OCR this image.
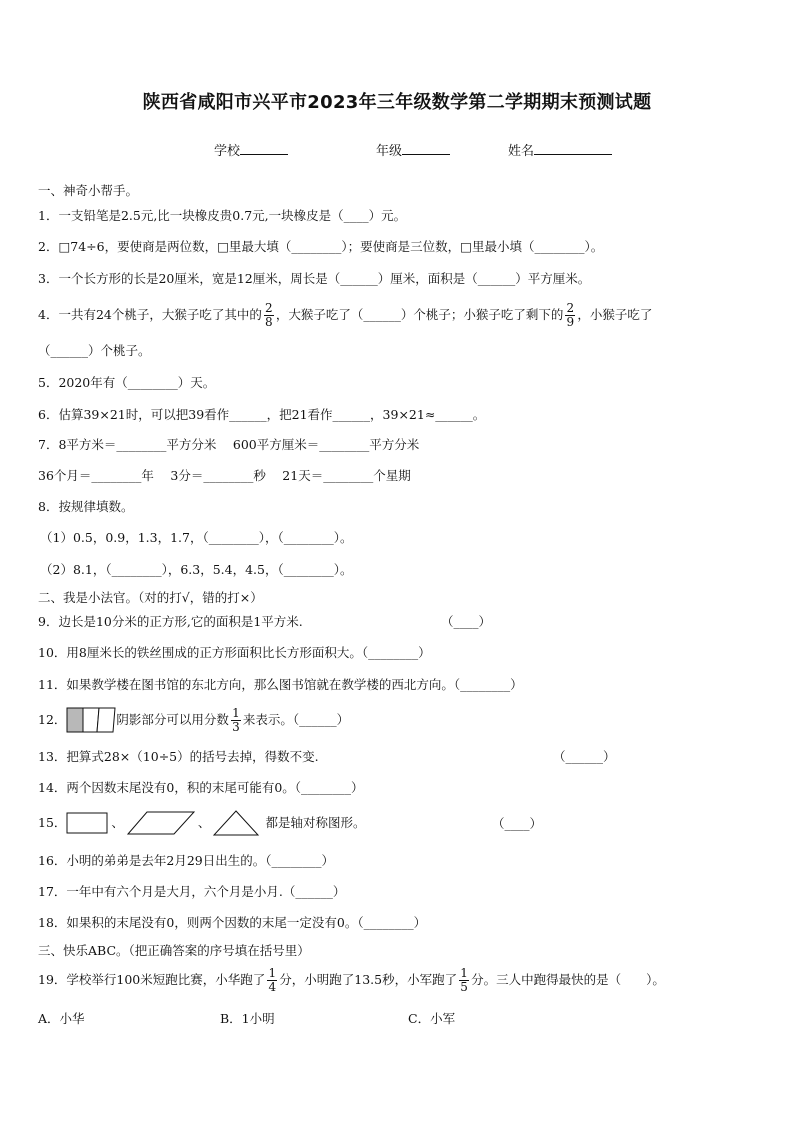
陕西省咸阳市兴平市2023年三年级数学第二学期期末预测试题
学校	年级	姓名
一、神奇小帮手。
1．一支铅笔是2.5元,比一块橡皮贵0.7元,一块橡皮是（____）元。
2．□74÷6，要使商是两位数，□里最大填（________）；要使商是三位数，□里最小填（________）。
3．一个长方形的长是20厘米，宽是12厘米，周长是（______）厘米，面积是（______）平方厘米。
4．一共有24个桃子，大猴子吃了其中的 $\frac{2}{8}$ ，大猴子吃了（______）个桃子；小猴子吃了剩下的 $\frac{2}{9}$ ，小猴子吃了
（______）个桃子。
5．2020年有（________）天。
6．估算39×21时，可以把39看作______，把21看作______，39×21≈______。
7．8平方米＝________平方分米　 600平方厘米＝________平方分米
36个月＝________年　 3分＝________秒　 21天＝________个星期
8．按规律填数。
（1）0.5，0.9，1.3，1.7，（________），（________）。
（2）8.1，（________），6.3，5.4，4.5，（________）。
二、我是小法官。（对的打√，错的打×）
9．边长是10分米的正方形,它的面积是1平方米.	（____）
10．用8厘米长的铁丝围成的正方形面积比长方形面积大。（________）
11．如果教学楼在图书馆的东北方向，那么图书馆就在教学楼的西北方向。（________）
12．	阴影部分可以用分数 $\frac{1}{3}$ 来表示。（______）
13．把算式28×（10÷5）的括号去掉，得数不变.	（______）
14．两个因数末尾没有0，积的末尾可能有0。（________）
15．	、	、	都是轴对称图形。	（____）
16．小明的弟弟是去年2月29日出生的。（________）
17．一年中有六个月是大月，六个月是小月.（______）
18．如果积的末尾没有0，则两个因数的末尾一定没有0。（________）
三、快乐ABC。（把正确答案的序号填在括号里）
19．学校举行100米短跑比赛，小华跑了 $\frac{1}{4}$ 分，小明跑了13.5秒，小军跑了 $\frac{1}{5}$ 分。三人中跑得最快的是（　　）。
A．小华	B．1小明	C．小军
